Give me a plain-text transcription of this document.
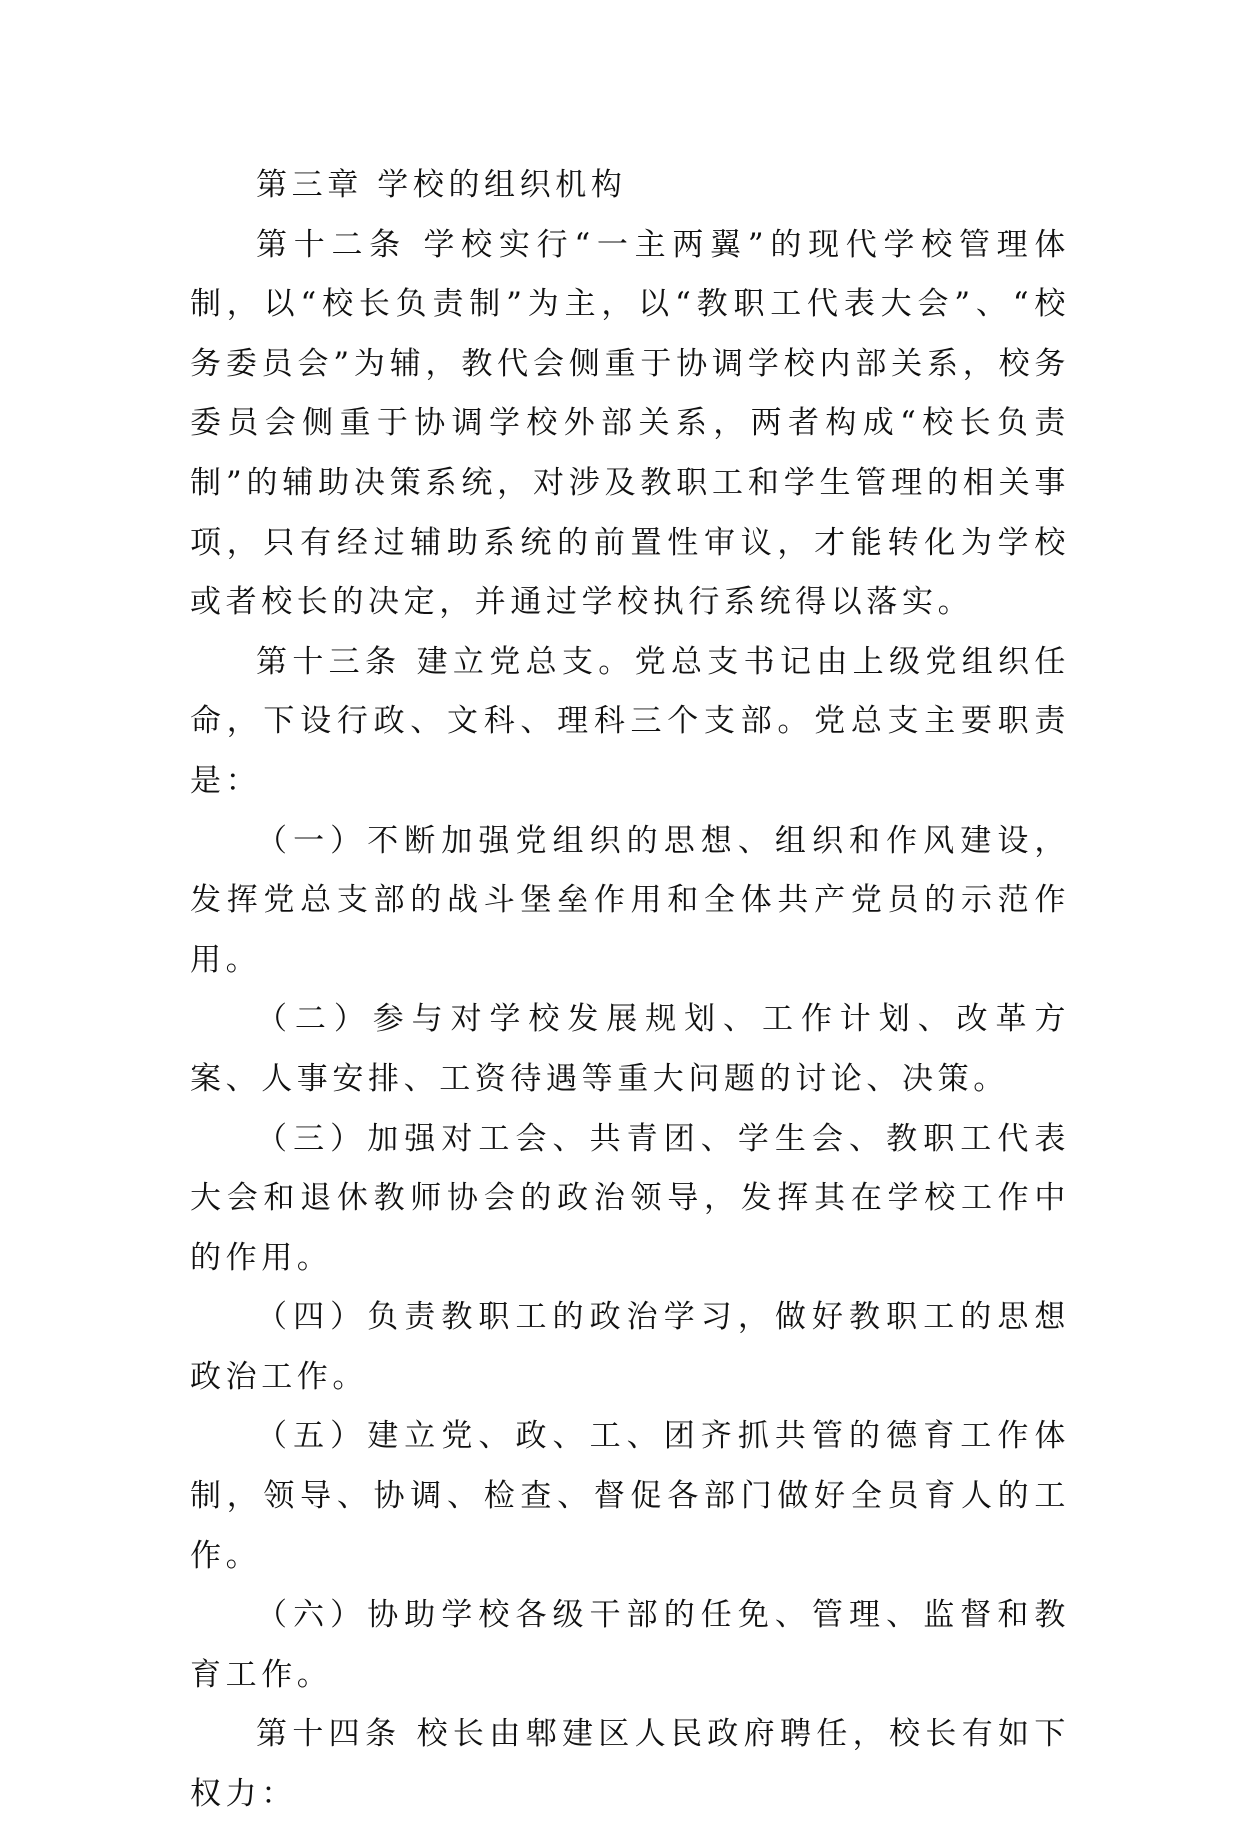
第三章 学校的组织机构

第十二条 学校实行“一主两翼”的现代学校管理体制，以“校长负责制”为主，以“教职工代表大会”、“校务委员会”为辅，教代会侧重于协调学校内部关系，校务委员会侧重于协调学校外部关系，两者构成“校长负责制”的辅助决策系统，对涉及教职工和学生管理的相关事项，只有经过辅助系统的前置性审议，才能转化为学校或者校长的决定，并通过学校执行系统得以落实。

第十三条 建立党总支。党总支书记由上级党组织任命，下设行政、文科、理科三个支部。党总支主要职责是：

（一）不断加强党组织的思想、组织和作风建设，发挥党总支部的战斗堡垒作用和全体共产党员的示范作用。

（二）参与对学校发展规划、工作计划、改革方案、人事安排、工资待遇等重大问题的讨论、决策。

（三）加强对工会、共青团、学生会、教职工代表大会和退休教师协会的政治领导，发挥其在学校工作中的作用。

（四）负责教职工的政治学习，做好教职工的思想政治工作。

（五）建立党、政、工、团齐抓共管的德育工作体制，领导、协调、检查、督促各部门做好全员育人的工作。

（六）协助学校各级干部的任免、管理、监督和教育工作。

第十四条 校长由郫建区人民政府聘任，校长有如下权力：
